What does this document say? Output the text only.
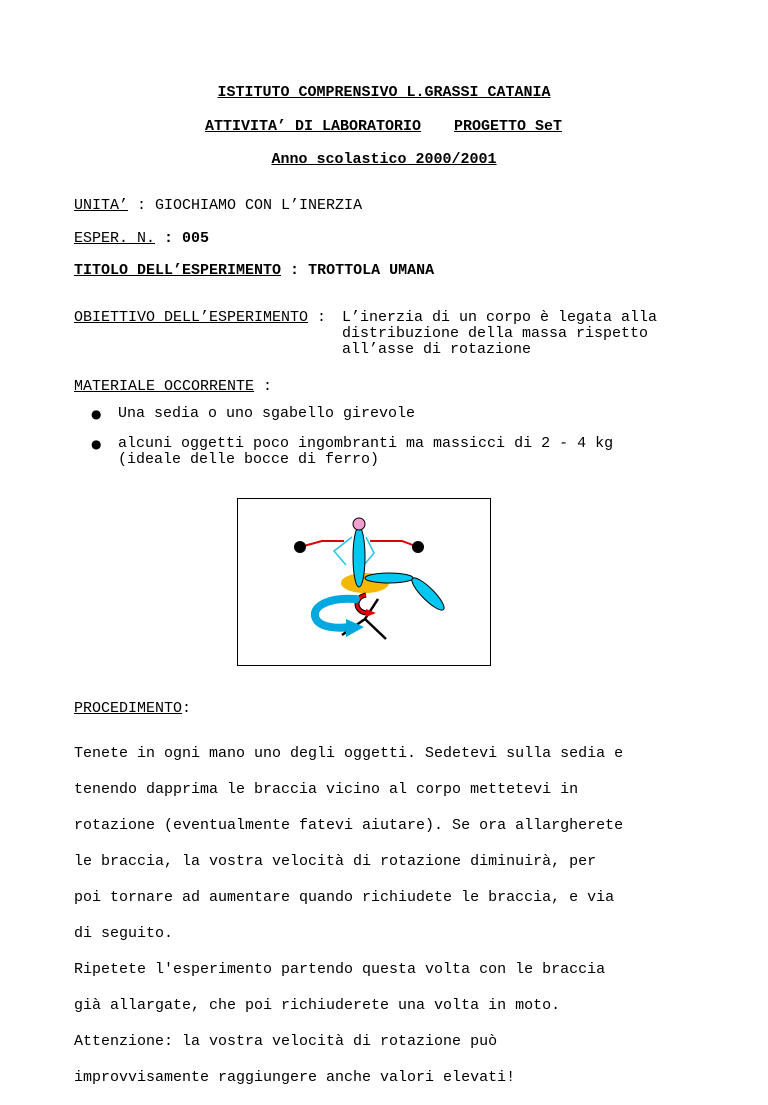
ISTITUTO COMPRENSIVO L.GRASSI CATANIA
ATTIVITA’ DI LABORATORIO PROGETTO SeT
Anno scolastico 2000/2001
UNITA’ : GIOCHIAMO CON L’INERZIA
ESPER. N. : 005
TITOLO DELL’ESPERIMENTO : TROTTOLA UMANA
OBIETTIVO DELL’ESPERIMENTO : L’inerzia di un corpo è legata alla
distribuzione della massa rispetto
all’asse di rotazione
MATERIALE OCCORRENTE :
● Una sedia o uno sgabello girevole
● alcuni oggetti poco ingombranti ma massicci di 2 - 4 kg
(ideale delle bocce di ferro)
PROCEDIMENTO:

Tenete in ogni mano uno degli oggetti. Sedetevi sulla sedia e

tenendo dapprima le braccia vicino al corpo mettetevi in

rotazione (eventualmente fatevi aiutare). Se ora allargherete

le braccia, la vostra velocità di rotazione diminuirà, per

poi tornare ad aumentare quando richiudete le braccia, e via

di seguito.

Ripetete l'esperimento partendo questa volta con le braccia

già allargate, che poi richiuderete una volta in moto.

Attenzione: la vostra velocità di rotazione può

improvvisamente raggiungere anche valori elevati!
